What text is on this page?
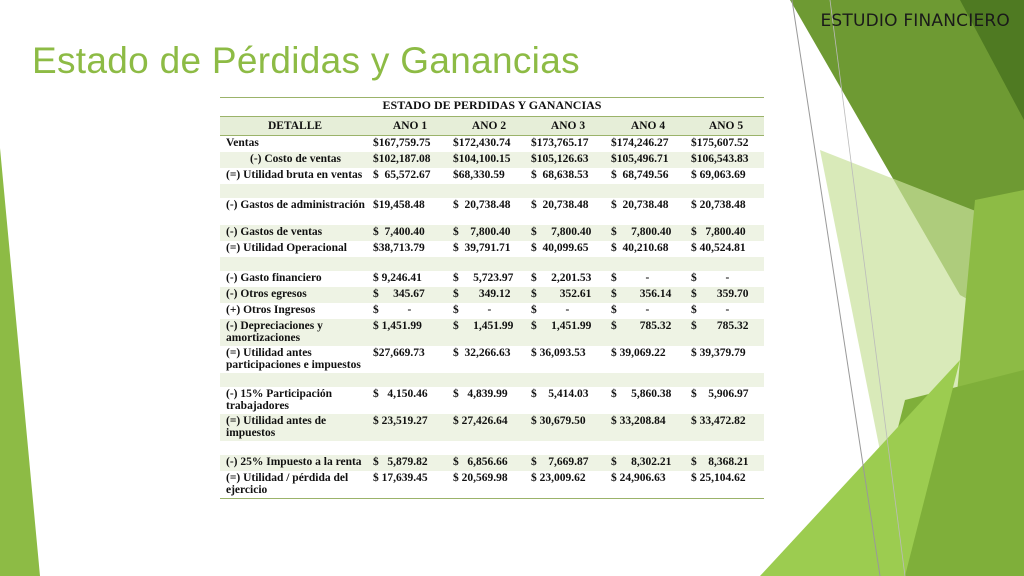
ESTUDIO FINANCIERO
Estado de Pérdidas y Ganancias
ESTADO DE PERDIDAS Y GANANCIAS					
DETALLE	ANO 1	ANO 2	ANO 3	ANO 4	ANO 5
Ventas	$167,759.75	$172,430.74	$173,765.17	$174,246.27	$175,607.52
(-) Costo de ventas	$102,187.08	$104,100.15	$105,126.63	$105,496.71	$106,543.83
(=) Utilidad bruta en ventas	$  65,572.67	$68,330.59	$  68,638.53	$  68,749.56	$ 69,063.69

(-) Gastos de administración	$19,458.48	$  20,738.48	$  20,738.48	$  20,738.48	$ 20,738.48
(-) Gastos de ventas	$  7,400.40	$    7,800.40	$     7,800.40	$     7,800.40	$   7,800.40
(=) Utilidad Operacional	$38,713.79	$  39,791.71	$  40,099.65	$  40,210.68	$ 40,524.81

(-) Gasto financiero	$ 9,246.41	$     5,723.97	$     2,201.53	$          -	$          -
(-) Otros egresos	$     345.67	$       349.12	$        352.61	$        356.14	$       359.70
(+) Otros Ingresos	$          -	$          -	$          -	$          -	$          -
(-) Depreciaciones y amortizaciones	$ 1,451.99	$     1,451.99	$     1,451.99	$        785.32	$       785.32
(=) Utilidad antes participaciones e impuestos	$27,669.73	$  32,266.63	$ 36,093.53	$ 39,069.22	$ 39,379.79

(-) 15% Participación trabajadores	$   4,150.46	$   4,839.99	$    5,414.03	$     5,860.38	$    5,906.97
(=) Utilidad antes de impuestos	$ 23,519.27	$ 27,426.64	$ 30,679.50	$ 33,208.84	$ 33,472.82

(-) 25% Impuesto a la renta	$   5,879.82	$   6,856.66	$    7,669.87	$     8,302.21	$    8,368.21
(=) Utilidad / pérdida del ejercicio	$ 17,639.45	$ 20,569.98	$ 23,009.62	$ 24,906.63	$ 25,104.62
